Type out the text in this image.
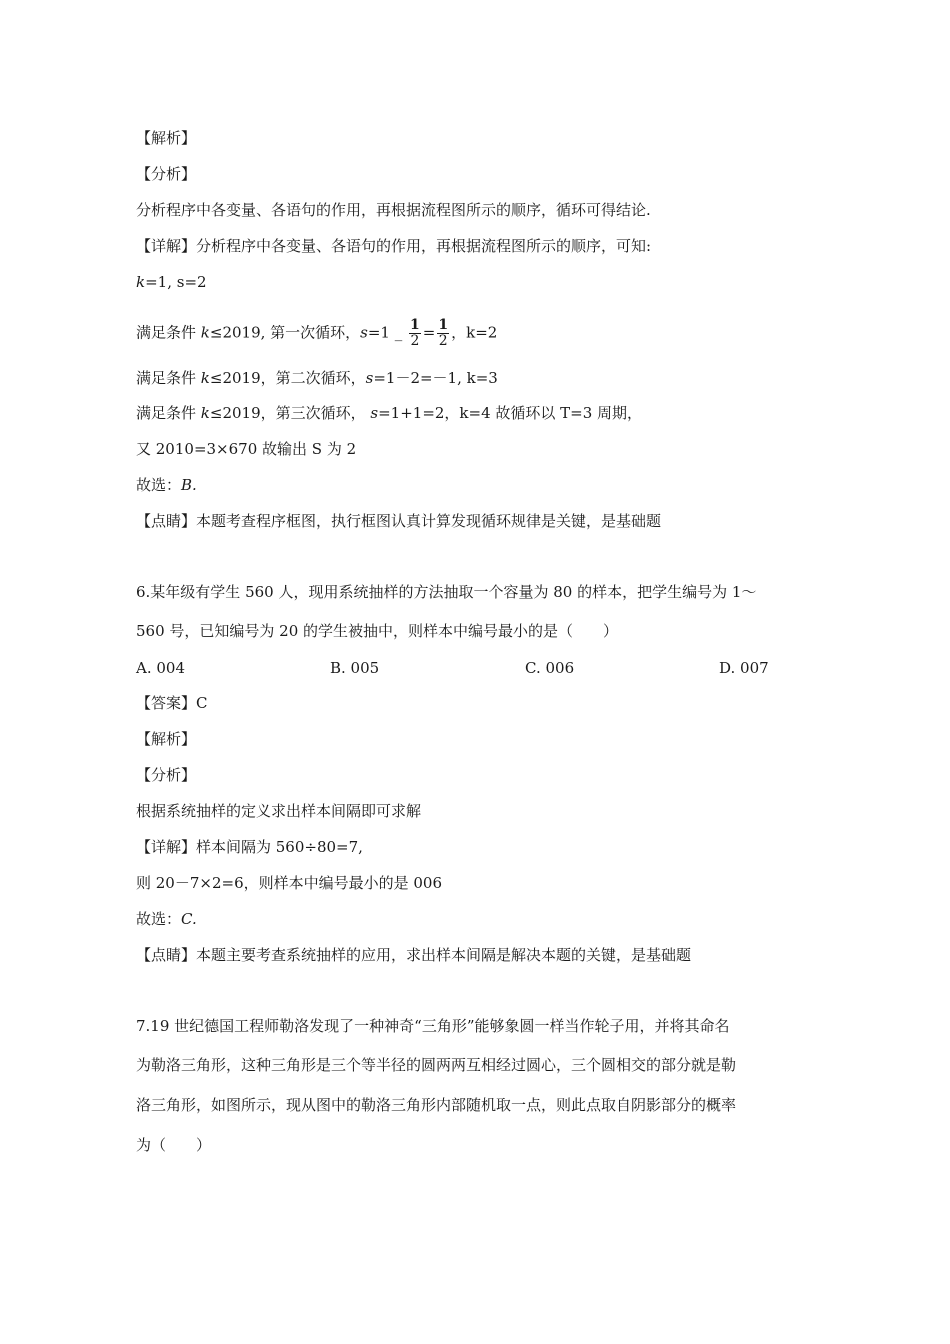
【解析】
【分析】
分析程序中各变量、各语句的作用，再根据流程图所示的顺序，循环可得结论.
【详解】分析程序中各变量、各语句的作用，再根据流程图所示的顺序，可知:
k=1, s=2
满足条件 k≤2019, 第一次循环，s=1 _ $\frac{1}{2} = \frac{1}{2}$ ，k=2
满足条件 k≤2019，第二次循环，s=1－2=－1, k=3
满足条件 k≤2019，第三次循环， s=1+1=2，k=4 故循环以 T=3 周期，
又 2010=3×670 故输出 S 为 2
故选：B.
【点睛】本题考查程序框图，执行框图认真计算发现循环规律是关键，是基础题
6.某年级有学生 560 人，现用系统抽样的方法抽取一个容量为 80 的样本，把学生编号为 1～
560 号，已知编号为 20 的学生被抽中，则样本中编号最小的是（　　）
A. 004	B. 005	C. 006	D. 007
【答案】C
【解析】
【分析】
根据系统抽样的定义求出样本间隔即可求解
【详解】样本间隔为 560÷80=7,
则 20－7×2=6，则样本中编号最小的是 006
故选：C.
【点睛】本题主要考查系统抽样的应用，求出样本间隔是解决本题的关键，是基础题
7.19 世纪德国工程师勒洛发现了一种神奇“三角形”能够象圆一样当作轮子用，并将其命名
为勒洛三角形，这种三角形是三个等半径的圆两两互相经过圆心，三个圆相交的部分就是勒
洛三角形，如图所示，现从图中的勒洛三角形内部随机取一点，则此点取自阴影部分的概率
为（　　）
